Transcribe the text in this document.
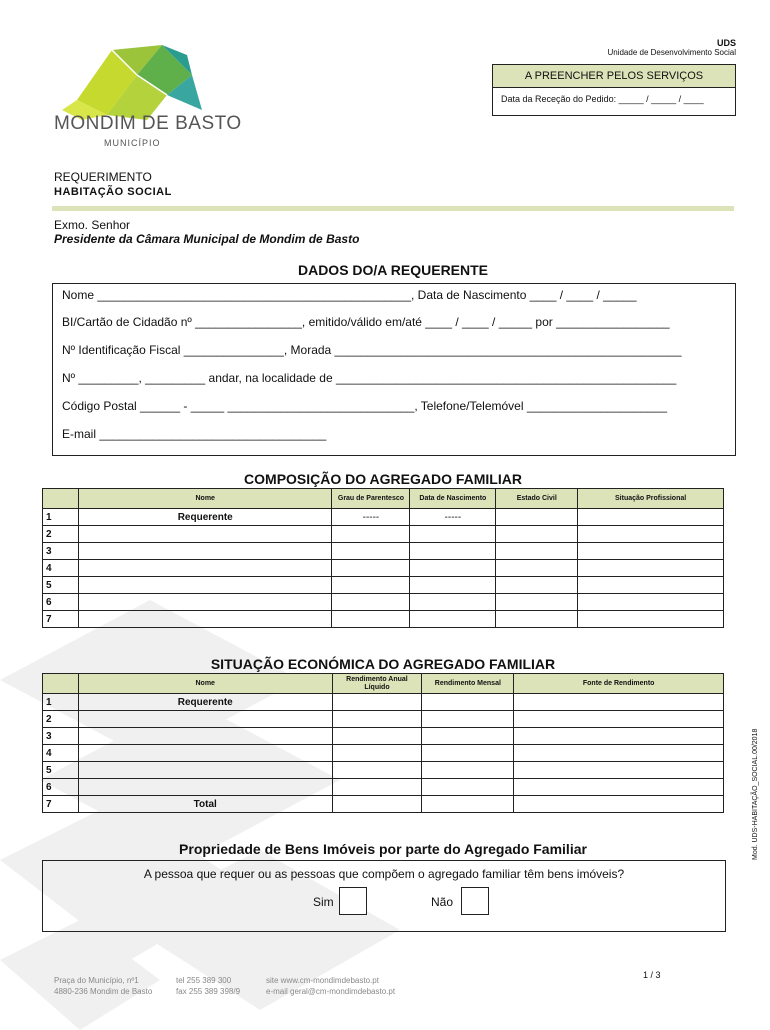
MONDIM DE BASTO
MUNICÍPIO
UDS
Unidade de Desenvolvimento Social
A PREENCHER PELOS SERVIÇOS
Data da Receção do Pedido: _____ / _____ / ____
REQUERIMENTO
HABITAÇÃO SOCIAL
Exmo. Senhor
Presidente da Câmara Municipal de Mondim de Basto
DADOS DO/A REQUERENTE
Nome _______________________________________________, Data de Nascimento ____ / ____ / _____
BI/Cartão de Cidadão nº ________________, emitido/válido em/até ____ / ____ / _____ por _________________
Nº Identificação Fiscal _______________, Morada ____________________________________________________
Nº _________, _________ andar, na localidade de ___________________________________________________
Código Postal ______ - _____ ____________________________, Telefone/Telemóvel _____________________
E-mail __________________________________
COMPOSIÇÃO DO AGREGADO FAMILIAR
	Nome	Grau de Parentesco	Data de Nascimento	Estado Civil	Situação Profissional
1	Requerente	-----	-----		
2					
3					
4					
5					
6					
7					
SITUAÇÃO ECONÓMICA DO AGREGADO FAMILIAR
	Nome	Rendimento Anual Líquido	Rendimento Mensal	Fonte de Rendimento
1	Requerente			
2				
3				
4				
5				
6				
7	Total			
Propriedade de Bens Imóveis por parte do Agregado Familiar
A pessoa que requer ou as pessoas que compõem o agregado familiar têm bens imóveis?
Sim	Não
Praça do Município, nº1
4880-236 Mondim de Basto
tel 255 389 300
fax 255 389 398/9
site www.cm-mondimdebasto.pt
e-mail geral@cm-mondimdebasto.pt
1 / 3
Mod. UDS-HABITAÇÃO_SOCIAL.00/2018
